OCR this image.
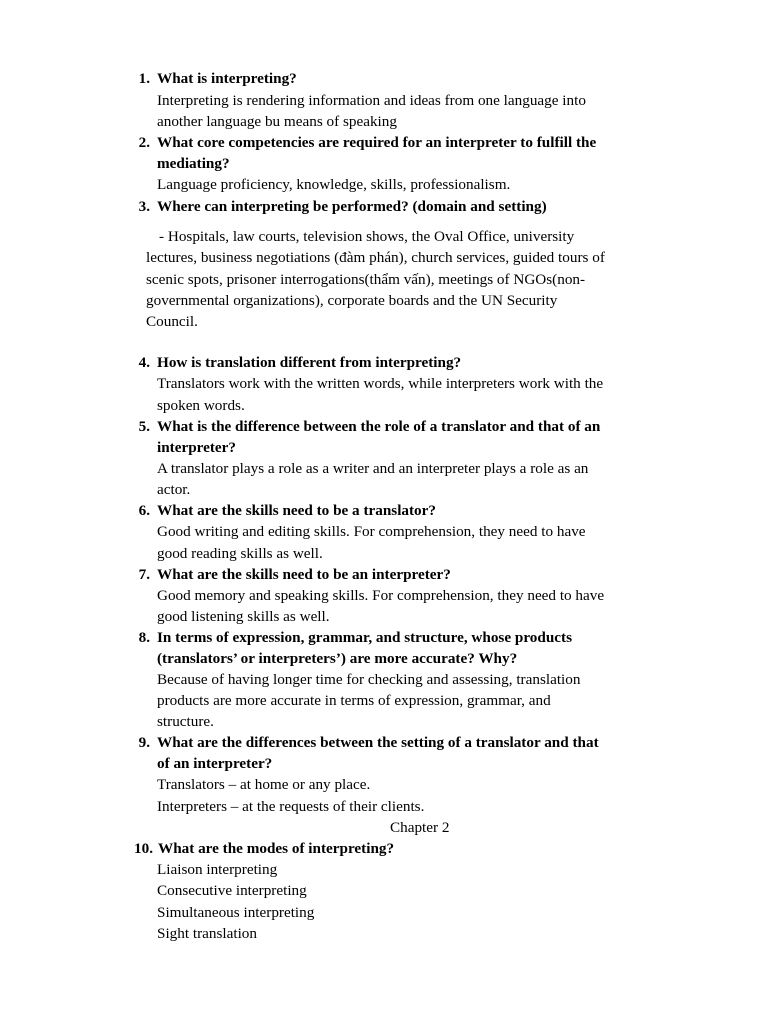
1. What is interpreting?
Interpreting is rendering information and ideas from one language into
another language bu means of speaking
2. What core competencies are required for an interpreter to fulfill the
mediating?
Language proficiency, knowledge, skills, professionalism.
3. Where can interpreting be performed? (domain and setting)
- Hospitals, law courts, television shows, the Oval Office, university
lectures, business negotiations (đàm phán), church services, guided tours of
scenic spots, prisoner interrogations(thẩm vấn), meetings of NGOs(non-
governmental organizations), corporate boards and the UN Security
Council.
4. How is translation different from interpreting?
Translators work with the written words, while interpreters work with the
spoken words.
5. What is the difference between the role of a translator and that of an
interpreter?
A translator plays a role as a writer and an interpreter plays a role as an
actor.
6. What are the skills need to be a translator?
Good writing and editing skills. For comprehension, they need to have
good reading skills as well.
7. What are the skills need to be an interpreter?
Good memory and speaking skills. For comprehension, they need to have
good listening skills as well.
8. In terms of expression, grammar, and structure, whose products
(translators’ or interpreters’) are more accurate? Why?
Because of having longer time for checking and assessing, translation
products are more accurate in terms of expression, grammar, and
structure.
9. What are the differences between the setting of a translator and that
of an interpreter?
Translators – at home or any place.
Interpreters – at the requests of their clients.
Chapter 2
10. What are the modes of interpreting?
Liaison interpreting
Consecutive interpreting
Simultaneous interpreting
Sight translation
